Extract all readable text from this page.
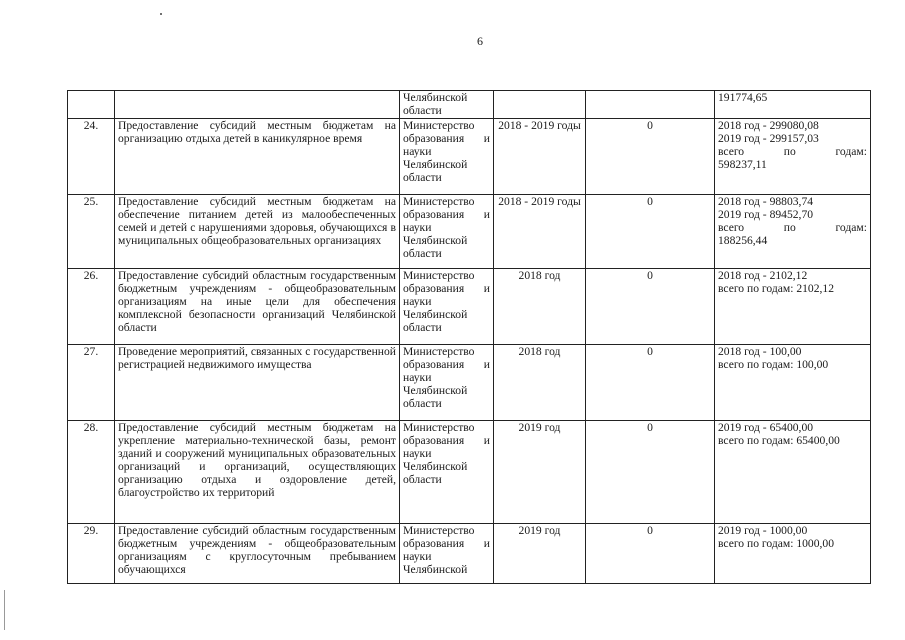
6
		Челябинской области			191774,65

24.	Предоставление субсидий местным бюджетам на организацию отдыха детей в каникулярное время	Министерство образования и науки Челябинской области	2018 - 2019 годы	0	2018 год - 299080,08
2019 год - 299157,03
всего по годам:
598237,11

25.	Предоставление субсидий местным бюджетам на обеспечение питанием детей из малообеспеченных семей и детей с нарушениями здоровья, обучающихся в муниципальных общеобразовательных организациях	Министерство образования и науки Челябинской области	2018 - 2019 годы	0	2018 год - 98803,74
2019 год - 89452,70
всего по годам:
188256,44

26.	Предоставление субсидий областным государственным бюджетным учреждениям - общеобразовательным организациям на иные цели для обеспечения комплексной безопасности организаций Челябинской области	Министерство образования и науки Челябинской области	2018 год	0	2018 год - 2102,12
всего по годам: 2102,12

27.	Проведение мероприятий, связанных с государственной регистрацией недвижимого имущества	Министерство образования и науки Челябинской области	2018 год	0	2018 год - 100,00
всего по годам: 100,00

28.	Предоставление субсидий местным бюджетам на укрепление материально-технической базы, ремонт зданий и сооружений муниципальных образовательных организаций и организаций, осуществляющих организацию отдыха и оздоровление детей, благоустройство их территорий	Министерство образования и науки Челябинской области	2019 год	0	2019 год - 65400,00
всего по годам: 65400,00

29.	Предоставление субсидий областным государственным бюджетным учреждениям - общеобразовательным организациям с круглосуточным пребыванием обучающихся	Министерство образования и науки Челябинской	2019 год	0	2019 год - 1000,00
всего по годам: 1000,00
